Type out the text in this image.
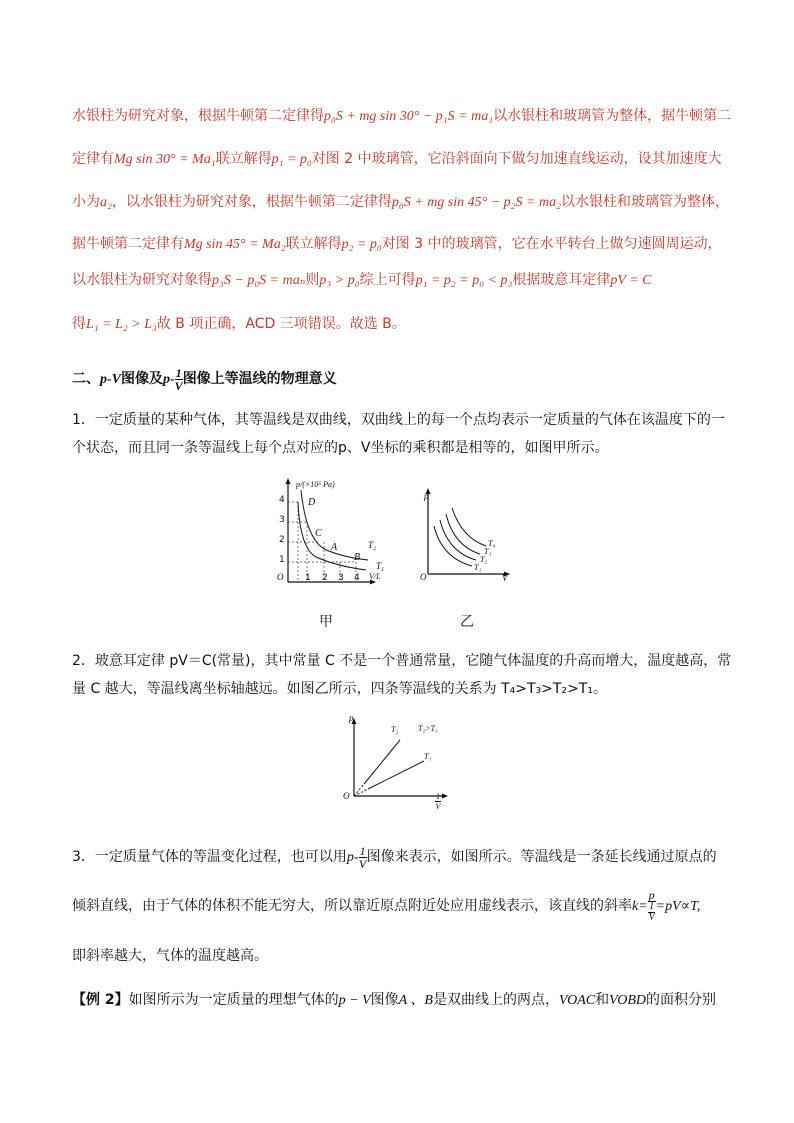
水银柱为研究对象，根据牛顿第二定律得p₀S + mg sin 30° − p₁S = ma₁以水银柱和玻璃管为整体，据牛顿第二
定律有Mg sin 30° = Ma₁联立解得p₁ = p₀对图 2 中玻璃管，它沿斜面向下做匀加速直线运动，设其加速度大
小为a₂，以水银柱为研究对象，根据牛顿第二定律得p₀S + mg sin 45° − p₂S = ma₂以水银柱和玻璃管为整体，
据牛顿第二定律有Mg sin 45° = Ma₂联立解得p₂ = p₀对图 3 中的玻璃管，它在水平转台上做匀速圆周运动，
以水银柱为研究对象得p₃S − p₀S = maₙ则p₃ > p₀综上可得p₁ = p₂ = p₀ < p₃根据玻意耳定律pV = C
得L₁ = L₂ > L₃故 B 项正确，ACD 三项错误。故选 B。
二、p-V图像及$p- \frac{1}{V}$ 图像上等温线的物理意义
1．一定质量的某种气体，其等温线是双曲线，双曲线上的每一个点均表示一定质量的气体在该温度下的一
个状态，而且同一条等温线上每个点对应的p、V坐标的乘积都是相等的，如图甲所示。
p/(×10⁵ Pa)
O	V/L
1
2
3
4
1 2 3 4
D
C
A
B
T₂
T₁
甲
p
O	V
T₄
T₃
T₂
T₁
乙
2．玻意耳定律 pV＝C(常量)，其中常量 C 不是一个普通常量，它随气体温度的升高而增大，温度越高，常
量 C 越大，等温线离坐标轴越远。如图乙所示，四条等温线的关系为 T₄>T₃>T₂>T₁。
p
O	$\frac{1}{V}$
T₂ T₂>T₁
T₁
3．一定质量气体的等温变化过程，也可以用$p- \frac{1}{V}$ 图像来表示，如图所示。等温线是一条延长线通过原点的
倾斜直线，由于气体的体积不能无穷大，所以靠近原点附近处应用虚线表示，该直线的斜率$k= \frac{p}{\frac{1}{V}} =pV\propto T$,
即斜率越大，气体的温度越高。
【例 2】如图所示为一定质量的理想气体的p − V图像A 、B是双曲线上的两点，VOAC和VOBD的面积分别
